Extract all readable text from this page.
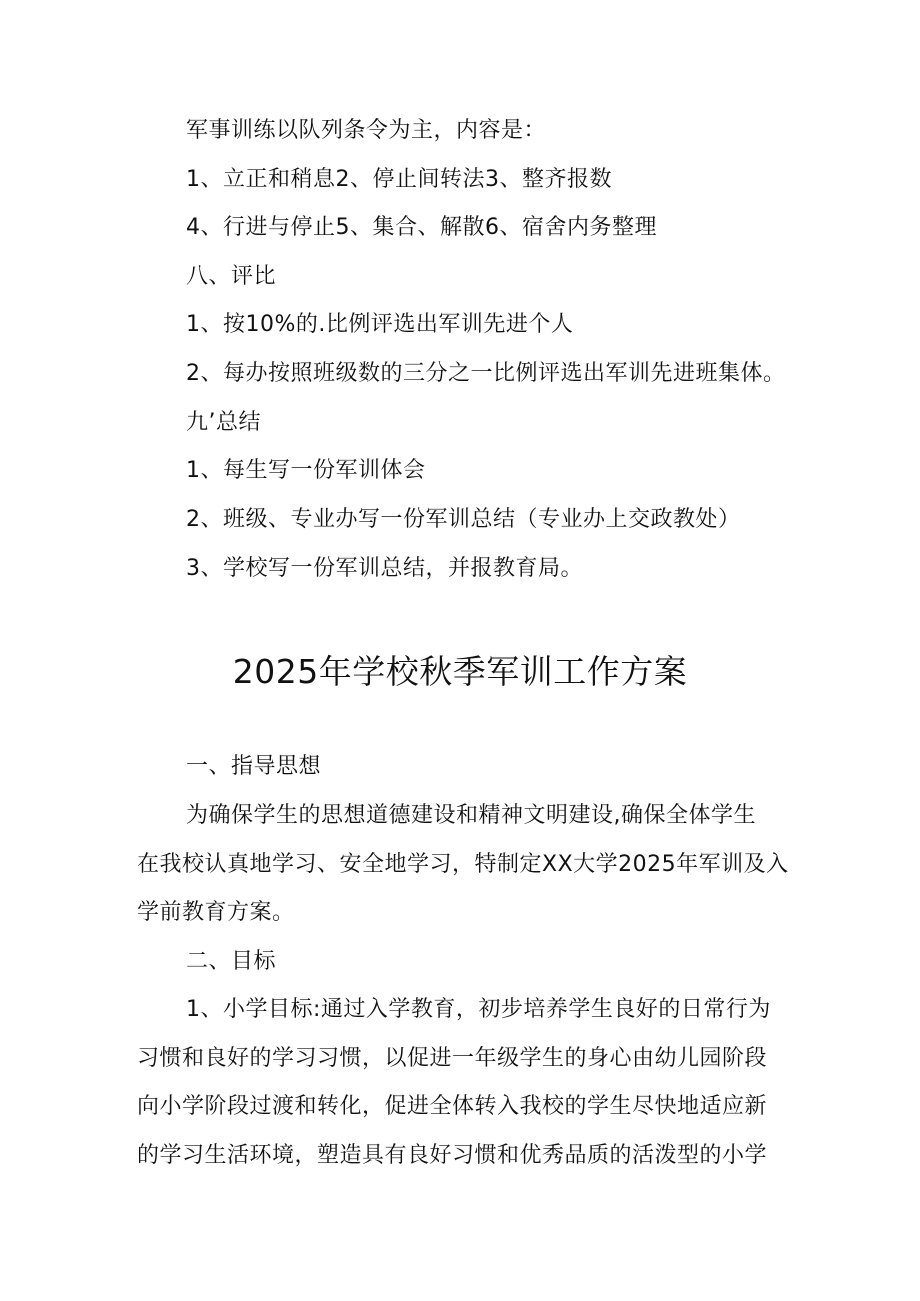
军事训练以队列条令为主，内容是：
1、立正和稍息2、停止间转法3、整齐报数
4、行进与停止5、集合、解散6、宿舍内务整理
八、评比
1、按10%的.比例评选出军训先进个人
2、每办按照班级数的三分之一比例评选出军训先进班集体。
九’总结
1、每生写一份军训体会
2、班级、专业办写一份军训总结（专业办上交政教处）
3、学校写一份军训总结，并报教育局。
2025年学校秋季军训工作方案
一、指导思想
为确保学生的思想道德建设和精神文明建设,确保全体学生
在我校认真地学习、安全地学习，特制定XX大学2025年军训及入
学前教育方案。
二、目标
1、小学目标:通过入学教育，初步培养学生良好的日常行为
习惯和良好的学习习惯，以促进一年级学生的身心由幼儿园阶段
向小学阶段过渡和转化，促进全体转入我校的学生尽快地适应新
的学习生活环境，塑造具有良好习惯和优秀品质的活泼型的小学
